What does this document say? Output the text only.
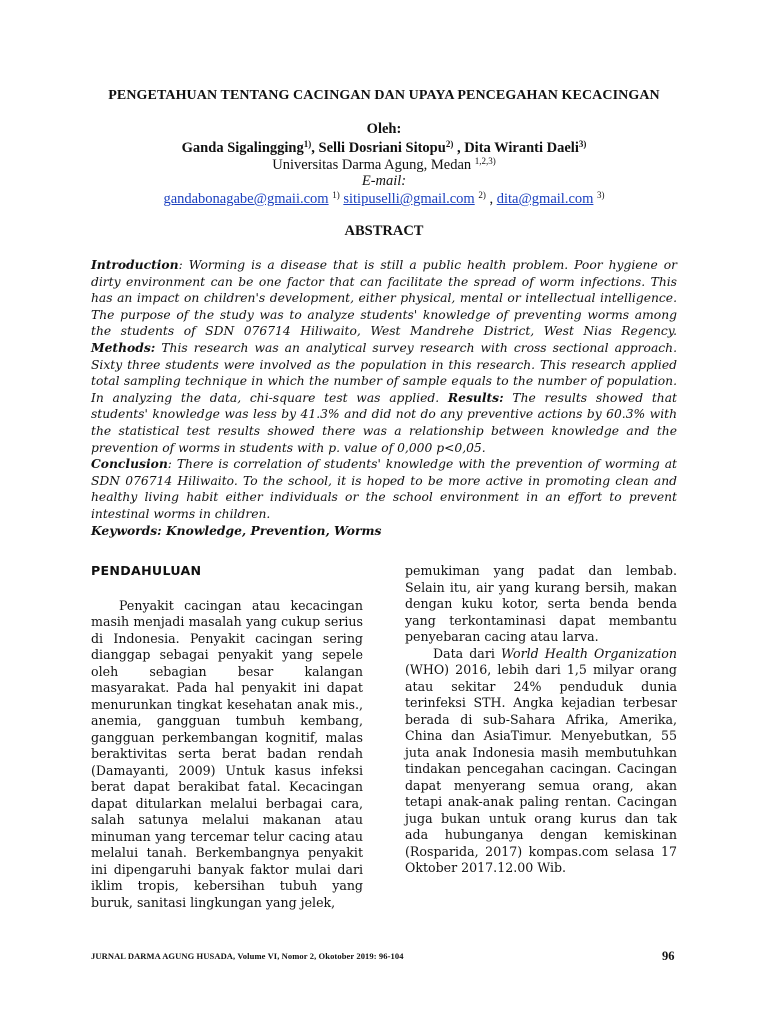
PENGETAHUAN TENTANG CACINGAN DAN UPAYA PENCEGAHAN KECACINGAN
Oleh:
Ganda Sigalingging$^{1)}$, Selli Dosriani Sitopu$^{2)}$ , Dita Wiranti Daeli$^{3)}$
Universitas Darma Agung, Medan $^{1,2,3)}$
E-mail:
gandabonagabe@gmaii.com $^{1)}$ sitipuselli@gmail.com $^{2)}$ , dita@gmail.com $^{3)}$
ABSTRACT

Introduction: Worming is a disease that is still a public health problem. Poor hygiene or dirty environment can be one factor that can facilitate the spread of worm infections. This has an impact on children's development, either physical, mental or intellectual intelligence. The purpose of the study was to analyze students' knowledge of preventing worms among the students of SDN 076714 Hiliwaito, West Mandrehe District, West Nias Regency. Methods: This research was an analytical survey research with cross sectional approach. Sixty three students were involved as the population in this research. This research applied total sampling technique in which the number of sample equals to the number of population. In analyzing the data, chi-square test was applied. Results: The results showed that students' knowledge was less by 41.3% and did not do any preventive actions by 60.3% with the statistical test results showed there was a relationship between knowledge and the prevention of worms in students with p. value of 0,000 p<0,05.

Conclusion: There is correlation of students' knowledge with the prevention of worming at SDN 076714 Hiliwaito. To the school, it is hoped to be more active in promoting clean and healthy living habit either individuals or the school environment in an effort to prevent intestinal worms in children.

Keywords: Knowledge, Prevention, Worms

PENDAHULUAN

Penyakit cacingan atau kecacingan masih menjadi masalah yang cukup serius di Indonesia. Penyakit cacingan sering dianggap sebagai penyakit yang sepele oleh sebagian besar kalangan masyarakat. Pada hal penyakit ini dapat menurunkan tingkat kesehatan anak mis., anemia, gangguan tumbuh kembang, gangguan perkembangan kognitif, malas beraktivitas serta berat badan rendah (Damayanti, 2009) Untuk kasus infeksi berat dapat berakibat fatal. Kecacingan dapat ditularkan melalui berbagai cara, salah satunya melalui makanan atau minuman yang tercemar telur cacing atau melalui tanah. Berkembangnya penyakit ini dipengaruhi banyak faktor mulai dari iklim tropis, kebersihan tubuh yang buruk, sanitasi lingkungan yang jelek,

pemukiman yang padat dan lembab. Selain itu, air yang kurang bersih, makan dengan kuku kotor, serta benda benda yang terkontaminasi dapat membantu penyebaran cacing atau larva.

Data dari World Health Organization (WHO) 2016, lebih dari 1,5 milyar orang atau sekitar 24% penduduk dunia terinfeksi STH. Angka kejadian terbesar berada di sub-Sahara Afrika, Amerika, China dan AsiaTimur. Menyebutkan, 55 juta anak Indonesia masih membutuhkan tindakan pencegahan cacingan. Cacingan dapat menyerang semua orang, akan tetapi anak-anak paling rentan. Cacingan juga bukan untuk orang kurus dan tak ada hubunganya dengan kemiskinan (Rosparida, 2017) kompas.com selasa 17 Oktober 2017.12.00 Wib.

JURNAL DARMA AGUNG HUSADA, Volume VI, Nomor 2, Okotober 2019: 96-104	96
